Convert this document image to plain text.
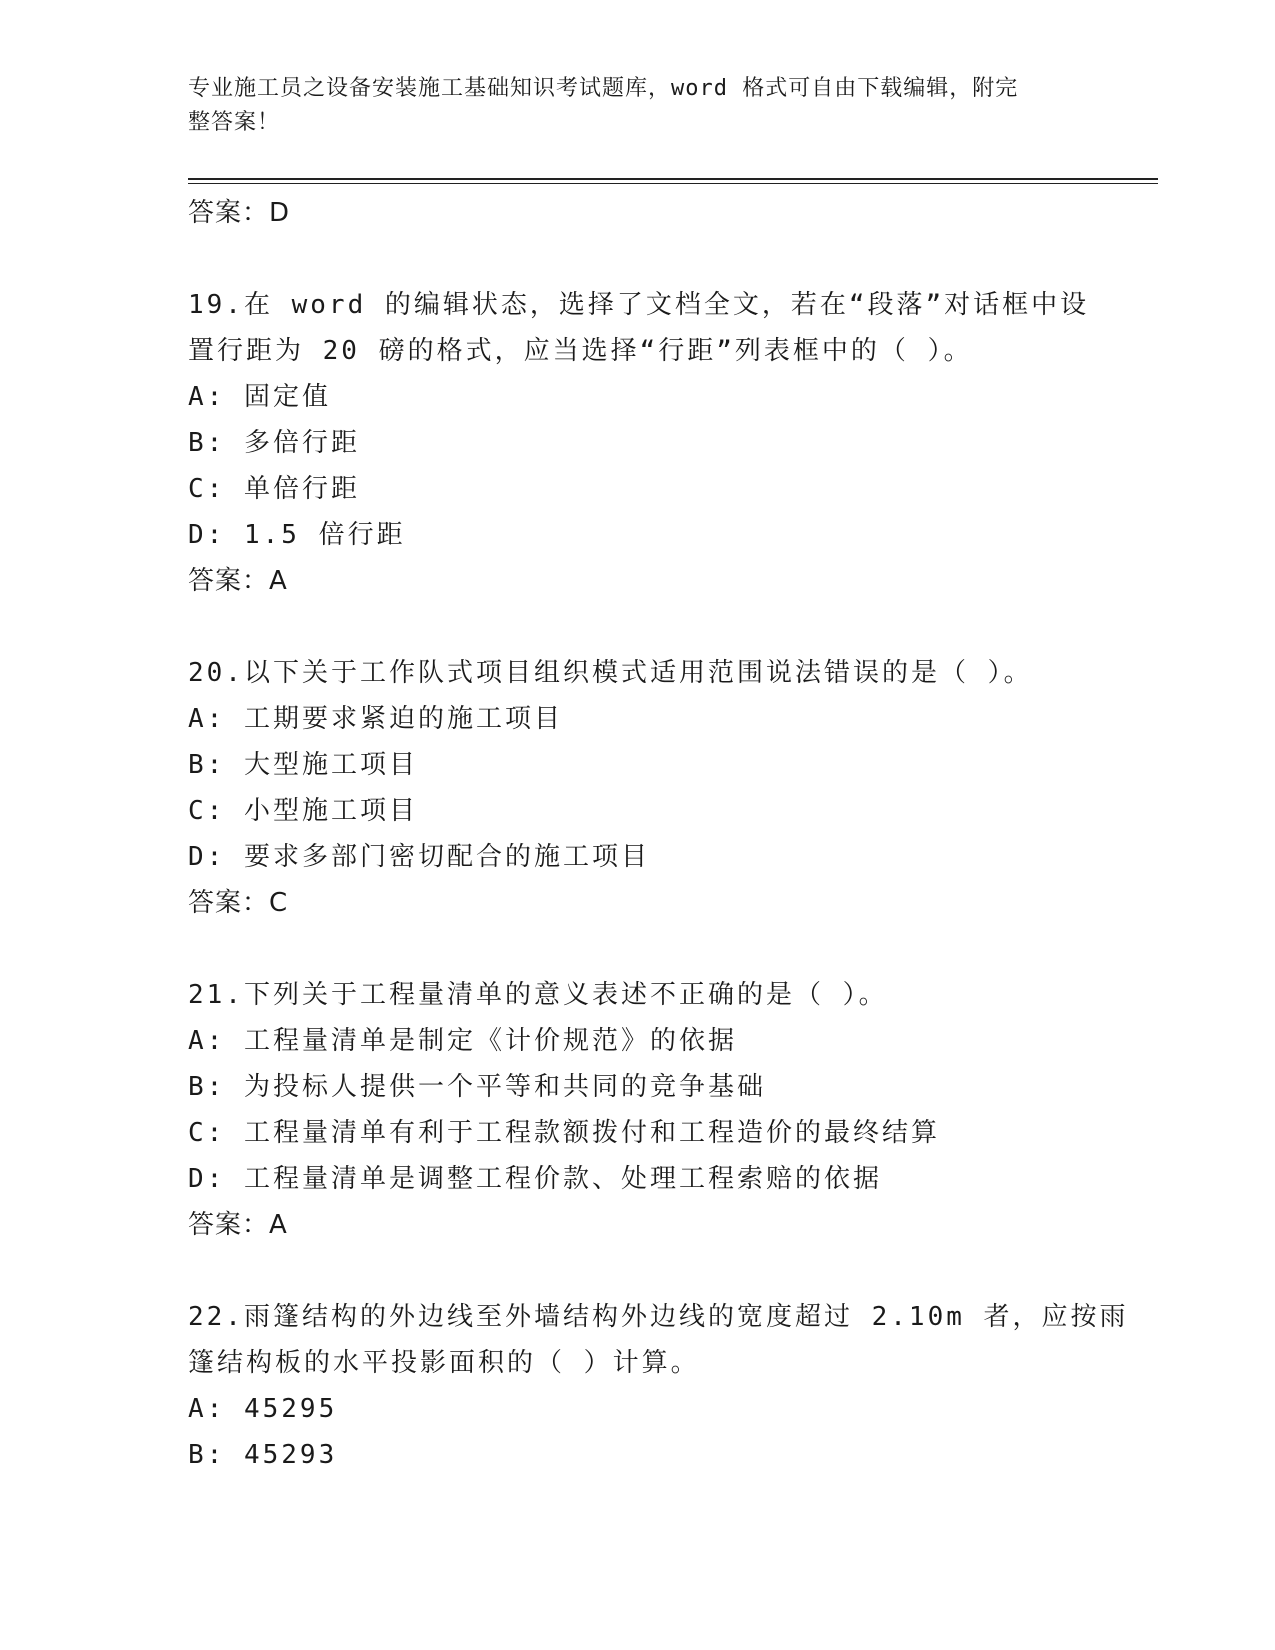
专业施工员之设备安装施工基础知识考试题库，word 格式可自由下载编辑，附完
整答案！
答案：D
19.在 word 的编辑状态，选择了文档全文，若在“段落”对话框中设
置行距为 20 磅的格式，应当选择“行距”列表框中的（ ）。
A: 固定值
B: 多倍行距
C: 单倍行距
D: 1.5 倍行距
答案：A
20.以下关于工作队式项目组织模式适用范围说法错误的是（ ）。
A: 工期要求紧迫的施工项目
B: 大型施工项目
C: 小型施工项目
D: 要求多部门密切配合的施工项目
答案：C
21.下列关于工程量清单的意义表述不正确的是（ ）。
A: 工程量清单是制定《计价规范》的依据
B: 为投标人提供一个平等和共同的竞争基础
C: 工程量清单有利于工程款额拨付和工程造价的最终结算
D: 工程量清单是调整工程价款、处理工程索赔的依据
答案：A
22.雨篷结构的外边线至外墙结构外边线的宽度超过 2.10m 者，应按雨
篷结构板的水平投影面积的（ ）计算。
A: 45295
B: 45293
